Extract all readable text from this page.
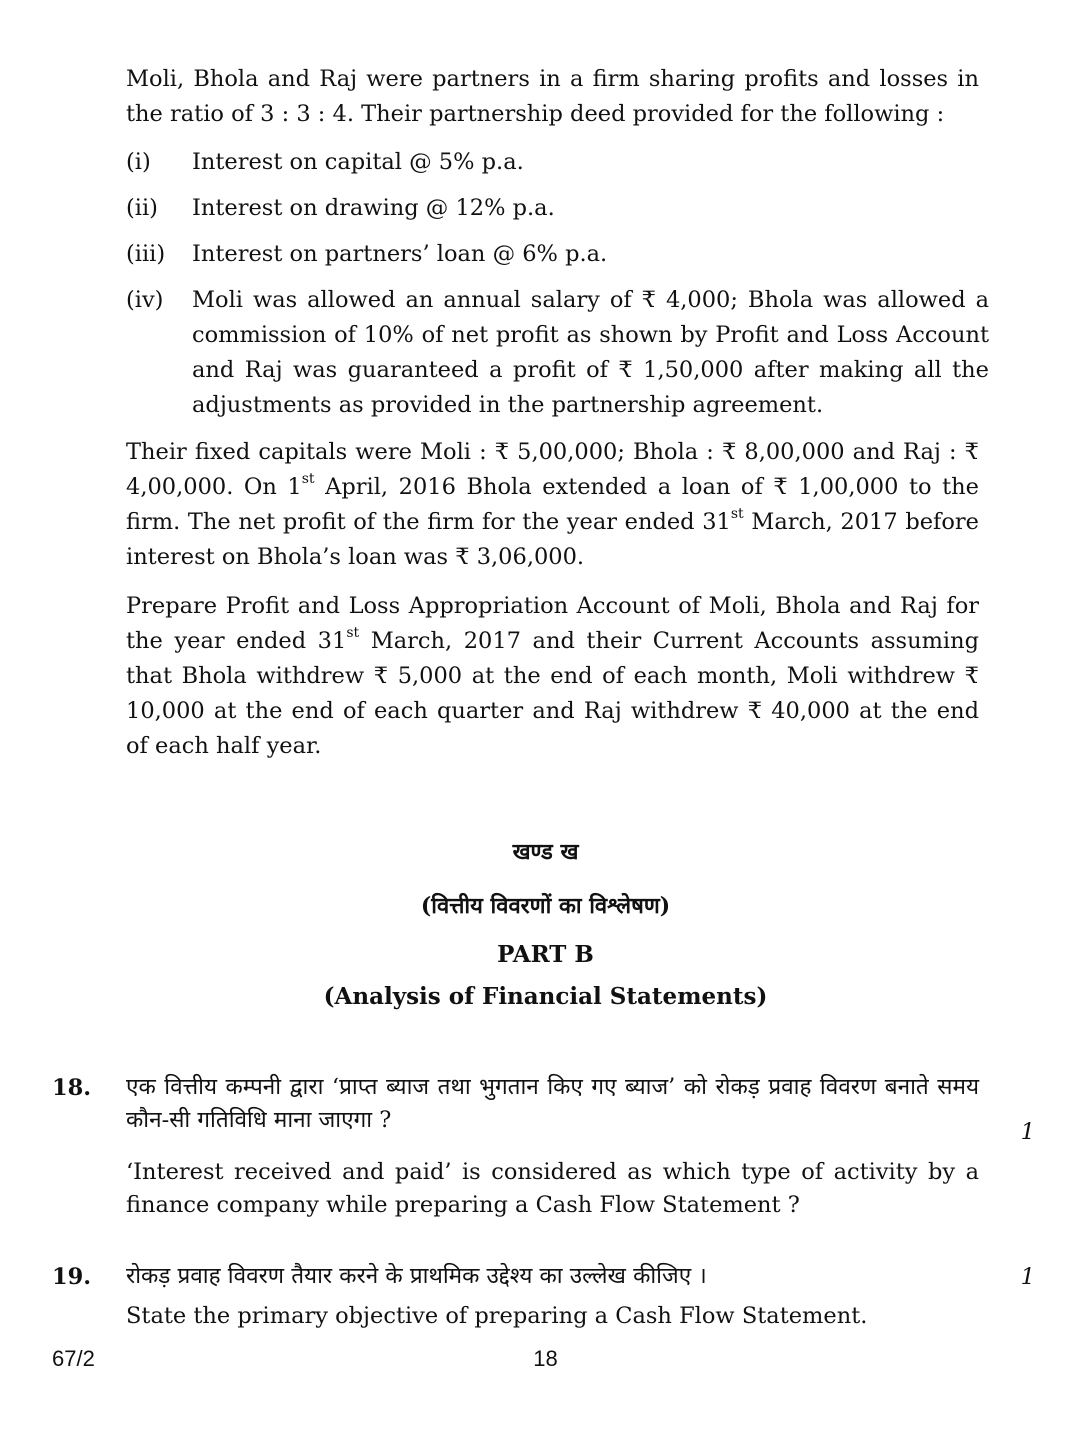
Moli, Bhola and Raj were partners in a firm sharing profits and losses in the ratio of 3 : 3 : 4. Their partnership deed provided for the following :
(i) Interest on capital @ 5% p.a.
(ii) Interest on drawing @ 12% p.a.
(iii) Interest on partners’ loan @ 6% p.a.
(iv) Moli was allowed an annual salary of ₹ 4,000; Bhola was allowed a commission of 10% of net profit as shown by Profit and Loss Account and Raj was guaranteed a profit of ₹ 1,50,000 after making all the adjustments as provided in the partnership agreement.
Their fixed capitals were Moli : ₹ 5,00,000; Bhola : ₹ 8,00,000 and Raj : ₹ 4,00,000. On 1st April, 2016 Bhola extended a loan of ₹ 1,00,000 to the firm. The net profit of the firm for the year ended 31st March, 2017 before interest on Bhola’s loan was ₹ 3,06,000.
Prepare Profit and Loss Appropriation Account of Moli, Bhola and Raj for the year ended 31st March, 2017 and their Current Accounts assuming that Bhola withdrew ₹ 5,000 at the end of each month, Moli withdrew ₹ 10,000 at the end of each quarter and Raj withdrew ₹ 40,000 at the end of each half year.
खण्ड ख
(वित्तीय विवरणों का विश्लेषण)
PART B
(Analysis of Financial Statements)
18. एक वित्तीय कम्पनी द्वारा ‘प्राप्त ब्याज तथा भुगतान किए गए ब्याज’ को रोकड़ प्रवाह विवरण बनाते समय कौन-सी गतिविधि माना जाएगा ?	1
‘Interest received and paid’ is considered as which type of activity by a finance company while preparing a Cash Flow Statement ?
19. रोकड़ प्रवाह विवरण तैयार करने के प्राथमिक उद्देश्य का उल्लेख कीजिए ।	1
State the primary objective of preparing a Cash Flow Statement.
67/2	18
